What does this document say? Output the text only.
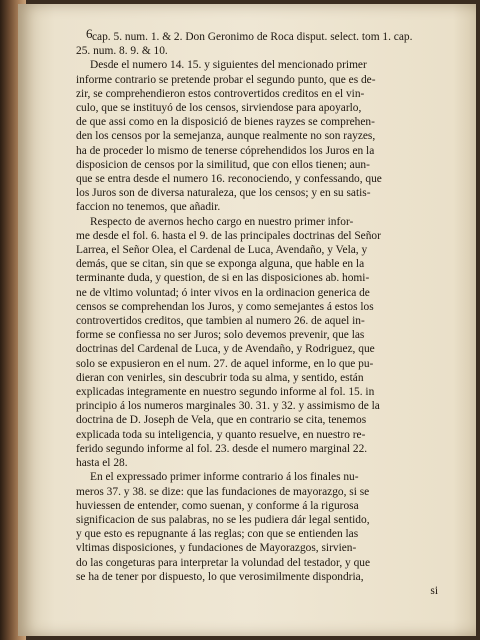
6 cap. 5. num. 1. & 2. Don Geronimo de Roca disput. select. tom 1. cap.
25. num. 8. 9. & 10.
Desde el numero 14. 15. y siguientes del mencionado primer
informe contrario se pretende probar el segundo punto, que es de-
zir, se comprehendieron estos controvertidos creditos en el vin-
culo, que se instituyó de los censos, sirviendose para apoyarlo,
de que assi como en la disposició de bienes rayzes se comprehen-
den los censos por la semejanza, aunque realmente no son rayzes,
ha de proceder lo mismo de tenerse cóprehendidos los Juros en la
disposicion de censos por la similitud, que con ellos tienen; aun-
que se entra desde el numero 16. reconociendo, y confessando, que
los Juros son de diversa naturaleza, que los censos; y en su satis-
faccion no tenemos, que añadir.
Respecto de avernos hecho cargo en nuestro primer infor-
me desde el fol. 6. hasta el 9. de las principales doctrinas del Señor
Larrea, el Señor Olea, el Cardenal de Luca, Avendaño, y Vela, y
demás, que se citan, sin que se exponga alguna, que hable en la
terminante duda, y question, de si en las disposiciones ab. homi-
ne de vltimo voluntad; ó inter vivos en la ordinacion generica de
censos se comprehendan los Juros, y como semejantes á estos los
controvertidos creditos, que tambien al numero 26. de aquel in-
forme se confiessa no ser Juros; solo devemos prevenir, que las
doctrinas del Cardenal de Luca, y de Avendaño, y Rodriguez, que
solo se expusieron en el num. 27. de aquel informe, en lo que pu-
dieran con venirles, sin descubrir toda su alma, y sentido, están
explicadas integramente en nuestro segundo informe al fol. 15. in
principio á los numeros marginales 30. 31. y 32. y assimismo de la
doctrina de D. Joseph de Vela, que en contrario se cita, tenemos
explicada toda su inteligencia, y quanto resuelve, en nuestro re-
ferido segundo informe al fol. 23. desde el numero marginal 22.
hasta el 28.
En el expressado primer informe contrario á los finales nu-
meros 37. y 38. se dize: que las fundaciones de mayorazgo, si se
huviessen de entender, como suenan, y conforme á la rigurosa
significacion de sus palabras, no se les pudiera dár legal sentido,
y que esto es repugnante á las reglas; con que se entienden las
vltimas disposiciones, y fundaciones de Mayorazgos, sirvien-
do las congeturas para interpretar la volundad del testador, y que
se ha de tener por dispuesto, lo que verosimilmente dispondria,
si
